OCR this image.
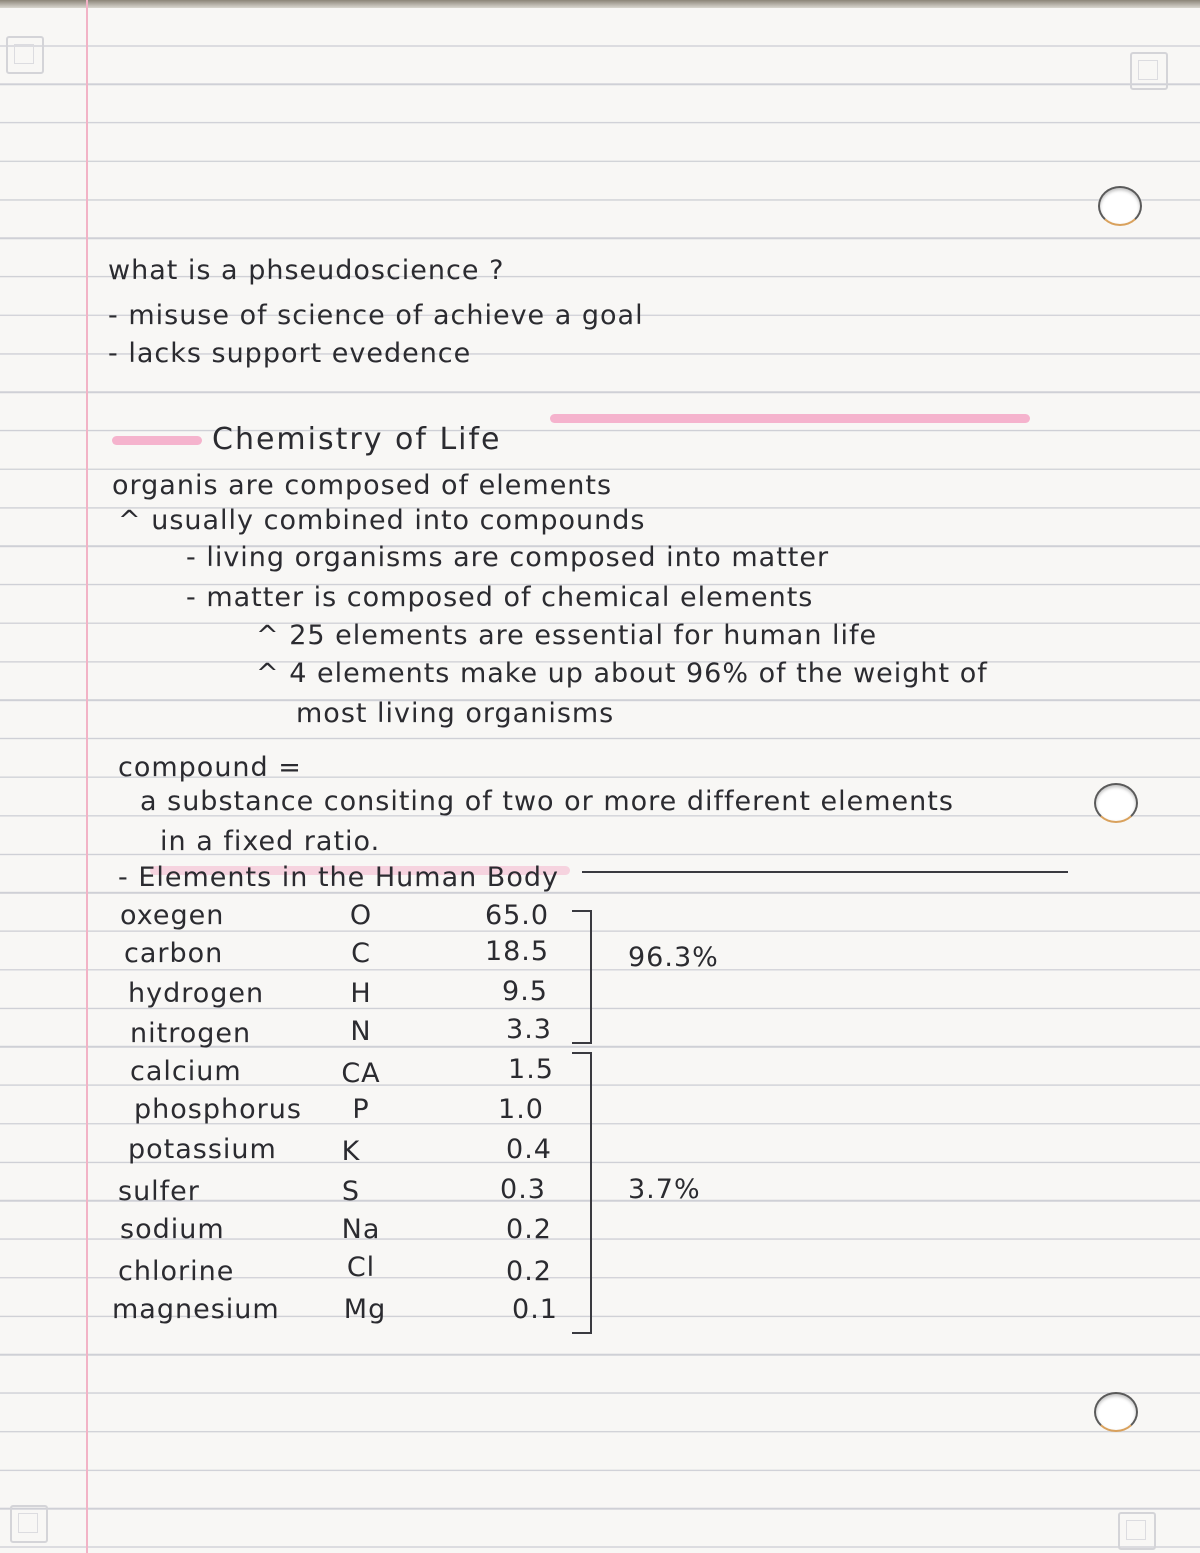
what is a phseudoscience ?
- misuse of science of achieve a goal
- lacks support evedence
Chemistry of Life
organis are composed of elements
^ usually combined into compounds
- living organisms are composed into matter
- matter is composed of chemical elements
^ 25 elements are essential for human life
^ 4 elements make up about 96% of the weight of
most living organisms
compound =
a substance consiting of two or more different elements
in a fixed ratio.
- Elements in the Human Body
96.3%
3.7%
oxegen	O	65.0
carbon	C	18.5
hydrogen	H	9.5
nitrogen	N	3.3
calcium	CA	1.5
phosphorus	P	1.0
potassium	K	0.4
sulfer	S	0.3
sodium	Na	0.2
chlorine	Cl	0.2
magnesium	Mg	0.1
